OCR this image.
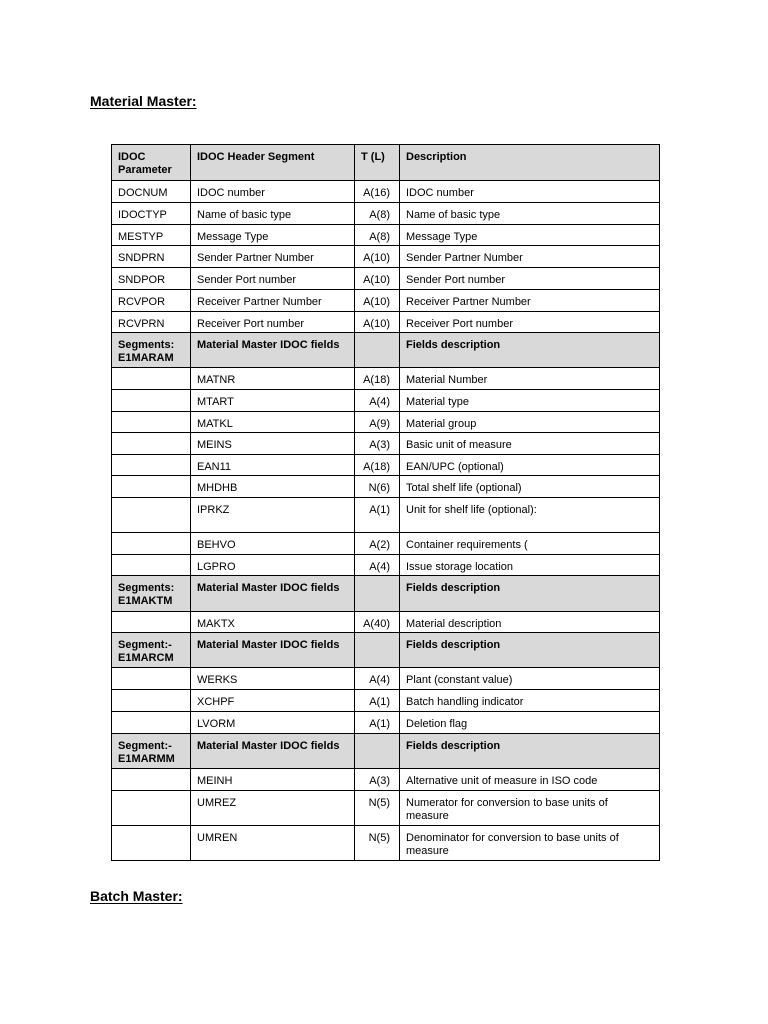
Material Master:
IDOC Parameter	IDOC Header Segment	T (L)	Description
DOCNUM	IDOC number	A(16)	IDOC number
IDOCTYP	Name of basic type	A(8)	Name of basic type
MESTYP	Message Type	A(8)	Message Type
SNDPRN	Sender Partner Number	A(10)	Sender Partner Number
SNDPOR	Sender Port number	A(10)	Sender Port number
RCVPOR	Receiver Partner Number	A(10)	Receiver Partner Number
RCVPRN	Receiver Port number	A(10)	Receiver Port number
Segments: E1MARAM	Material Master IDOC fields		Fields description
	MATNR	A(18)	Material Number
	MTART	A(4)	Material type
	MATKL	A(9)	Material group
	MEINS	A(3)	Basic unit of measure
	EAN11	A(18)	EAN/UPC (optional)
	MHDHB	N(6)	Total shelf life (optional)
	IPRKZ	A(1)	Unit for shelf life (optional):
	BEHVO	A(2)	Container requirements (
	LGPRO	A(4)	Issue storage location
Segments: E1MAKTM	Material Master IDOC fields		Fields description
	MAKTX	A(40)	Material description
Segment:- E1MARCM	Material Master IDOC fields		Fields description
	WERKS	A(4)	Plant (constant value)
	XCHPF	A(1)	Batch handling indicator
	LVORM	A(1)	Deletion flag
Segment:- E1MARMM	Material Master IDOC fields		Fields description
	MEINH	A(3)	Alternative unit of measure in ISO code
	UMREZ	N(5)	Numerator for conversion to base units of measure
	UMREN	N(5)	Denominator for conversion to base units of measure
Batch Master:
